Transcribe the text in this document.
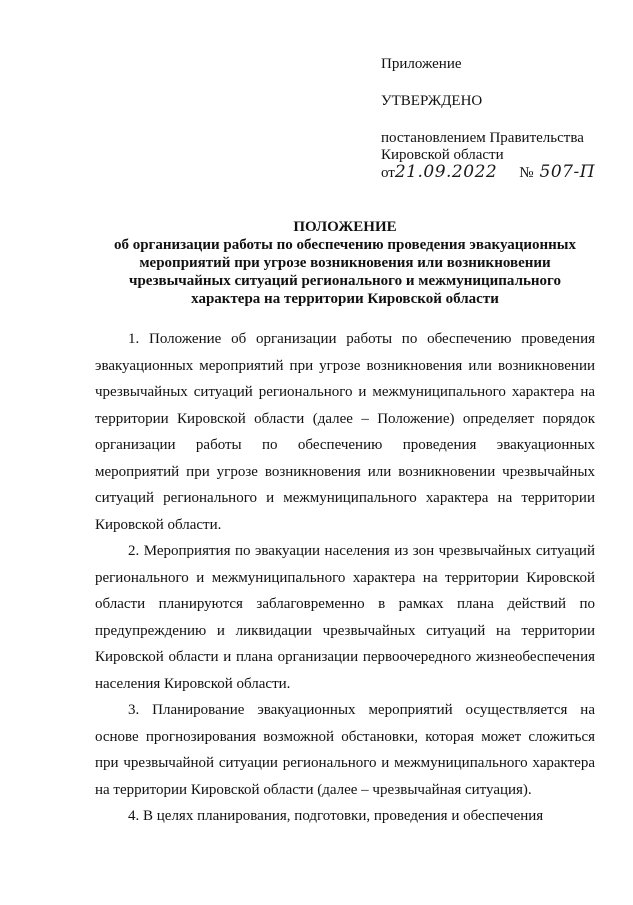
Приложение
УТВЕРЖДЕНО
постановлением Правительства
Кировской области
от 21.09.2022 № 507-П
ПОЛОЖЕНИЕ
об организации работы по обеспечению проведения эвакуационных
мероприятий при угрозе возникновения или возникновении
чрезвычайных ситуаций регионального и межмуниципального
характера на территории Кировской области

1. Положение об организации работы по обеспечению проведения эвакуационных мероприятий при угрозе возникновения или возникновении чрезвычайных ситуаций регионального и межмуниципального характера на территории Кировской области (далее – Положение) определяет порядок организации работы по обеспечению проведения эвакуационных мероприятий при угрозе возникновения или возникновении чрезвычайных ситуаций регионального и межмуниципального характера на территории Кировской области.

2. Мероприятия по эвакуации населения из зон чрезвычайных ситуаций регионального и межмуниципального характера на территории Кировской области планируются заблаговременно в рамках плана действий по предупреждению и ликвидации чрезвычайных ситуаций на территории Кировской области и плана организации первоочередного жизнеобеспечения населения Кировской области.

3. Планирование эвакуационных мероприятий осуществляется на основе прогнозирования возможной обстановки, которая может сложиться при чрезвычайной ситуации регионального и межмуниципального характера на территории Кировской области (далее – чрезвычайная ситуация).

4. В целях планирования, подготовки, проведения и обеспечения
